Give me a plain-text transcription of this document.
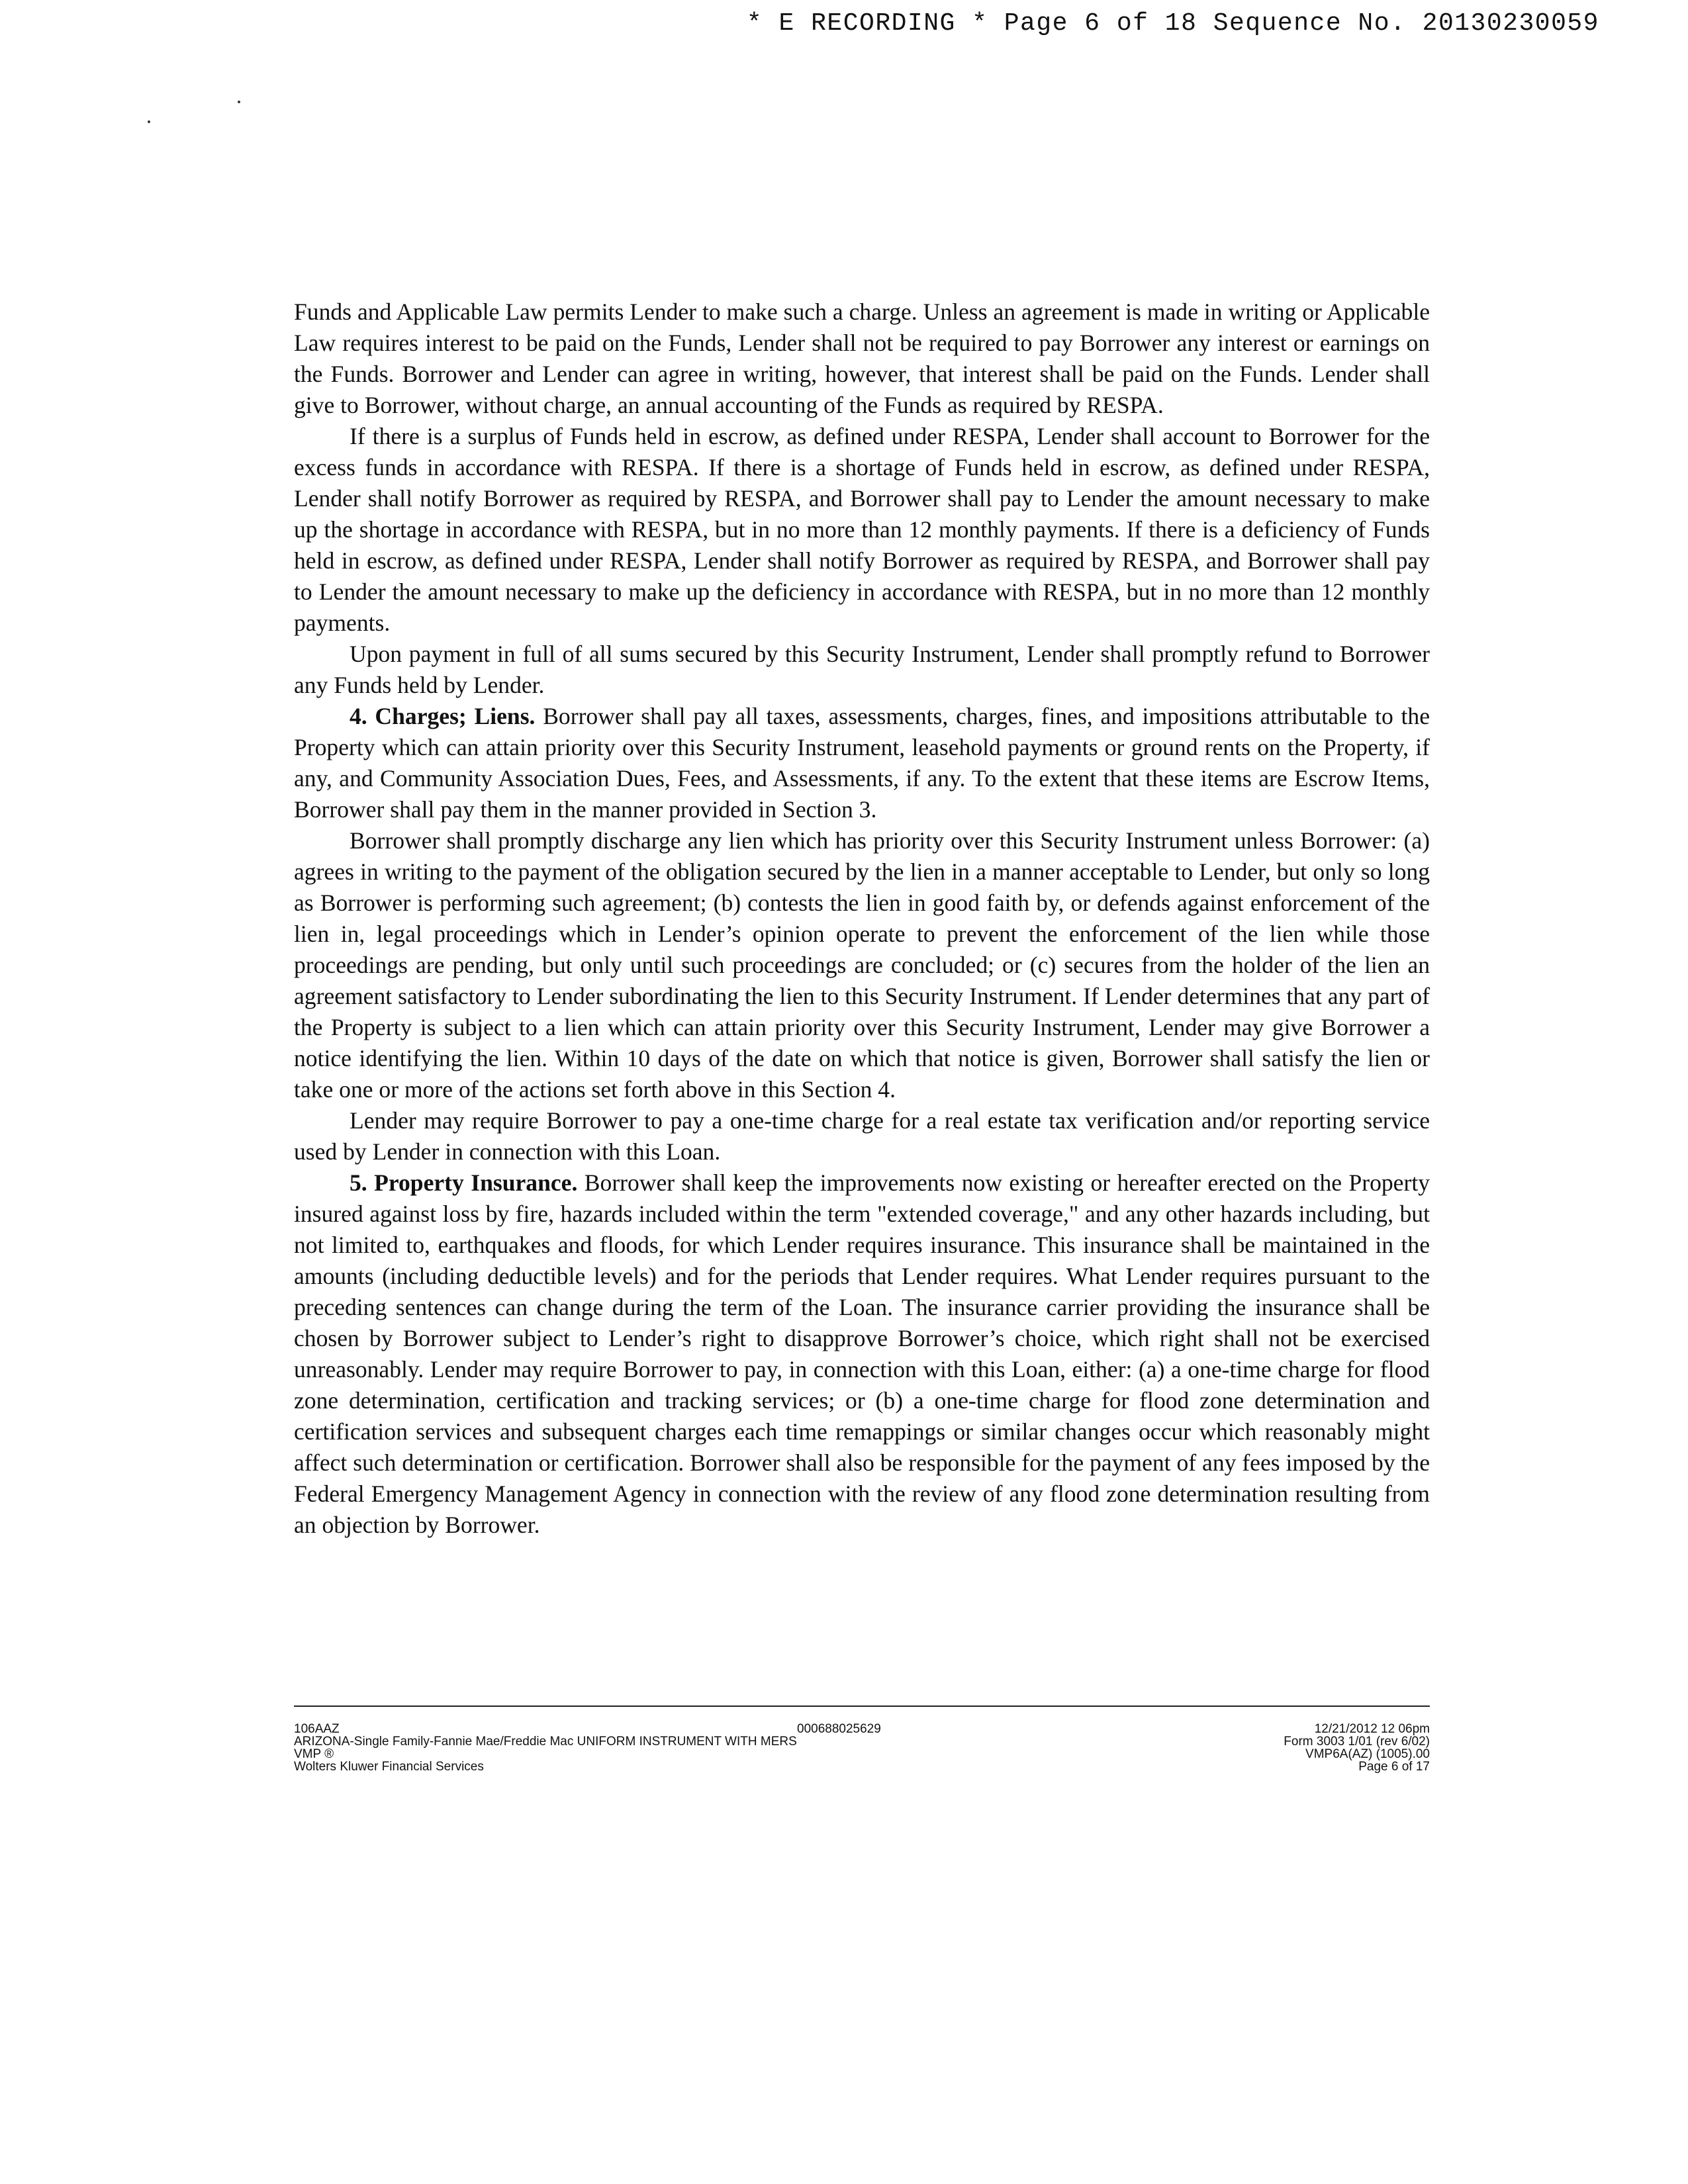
* E RECORDING * Page 6 of 18 Sequence No. 20130230059

Funds and Applicable Law permits Lender to make such a charge. Unless an agreement is made in writing or Applicable Law requires interest to be paid on the Funds, Lender shall not be required to pay Borrower any interest or earnings on the Funds. Borrower and Lender can agree in writing, however, that interest shall be paid on the Funds. Lender shall give to Borrower, without charge, an annual accounting of the Funds as required by RESPA.

If there is a surplus of Funds held in escrow, as defined under RESPA, Lender shall account to Borrower for the excess funds in accordance with RESPA. If there is a shortage of Funds held in escrow, as defined under RESPA, Lender shall notify Borrower as required by RESPA, and Borrower shall pay to Lender the amount necessary to make up the shortage in accordance with RESPA, but in no more than 12 monthly payments. If there is a deficiency of Funds held in escrow, as defined under RESPA, Lender shall notify Borrower as required by RESPA, and Borrower shall pay to Lender the amount necessary to make up the deficiency in accordance with RESPA, but in no more than 12 monthly payments.

Upon payment in full of all sums secured by this Security Instrument, Lender shall promptly refund to Borrower any Funds held by Lender.

4. Charges; Liens. Borrower shall pay all taxes, assessments, charges, fines, and impositions attributable to the Property which can attain priority over this Security Instrument, leasehold payments or ground rents on the Property, if any, and Community Association Dues, Fees, and Assessments, if any. To the extent that these items are Escrow Items, Borrower shall pay them in the manner provided in Section 3.

Borrower shall promptly discharge any lien which has priority over this Security Instrument unless Borrower: (a) agrees in writing to the payment of the obligation secured by the lien in a manner acceptable to Lender, but only so long as Borrower is performing such agreement; (b) contests the lien in good faith by, or defends against enforcement of the lien in, legal proceedings which in Lender’s opinion operate to prevent the enforcement of the lien while those proceedings are pending, but only until such proceedings are concluded; or (c) secures from the holder of the lien an agreement satisfactory to Lender subordinating the lien to this Security Instrument. If Lender determines that any part of the Property is subject to a lien which can attain priority over this Security Instrument, Lender may give Borrower a notice identifying the lien. Within 10 days of the date on which that notice is given, Borrower shall satisfy the lien or take one or more of the actions set forth above in this Section 4.

Lender may require Borrower to pay a one-time charge for a real estate tax verification and/or reporting service used by Lender in connection with this Loan.

5. Property Insurance. Borrower shall keep the improvements now existing or hereafter erected on the Property insured against loss by fire, hazards included within the term "extended coverage," and any other hazards including, but not limited to, earthquakes and floods, for which Lender requires insurance. This insurance shall be maintained in the amounts (including deductible levels) and for the periods that Lender requires. What Lender requires pursuant to the preceding sentences can change during the term of the Loan. The insurance carrier providing the insurance shall be chosen by Borrower subject to Lender’s right to disapprove Borrower’s choice, which right shall not be exercised unreasonably. Lender may require Borrower to pay, in connection with this Loan, either: (a) a one-time charge for flood zone determination, certification and tracking services; or (b) a one-time charge for flood zone determination and certification services and subsequent charges each time remappings or similar changes occur which reasonably might affect such determination or certification. Borrower shall also be responsible for the payment of any fees imposed by the Federal Emergency Management Agency in connection with the review of any flood zone determination resulting from an objection by Borrower.

106AAZ
ARIZONA-Single Family-Fannie Mae/Freddie Mac UNIFORM INSTRUMENT WITH MERS
VMP ®
Wolters Kluwer Financial Services
000688025629	12/21/2012 12 06pm
Form 3003 1/01 (rev 6/02)
VMP6A(AZ) (1005).00
Page 6 of 17
